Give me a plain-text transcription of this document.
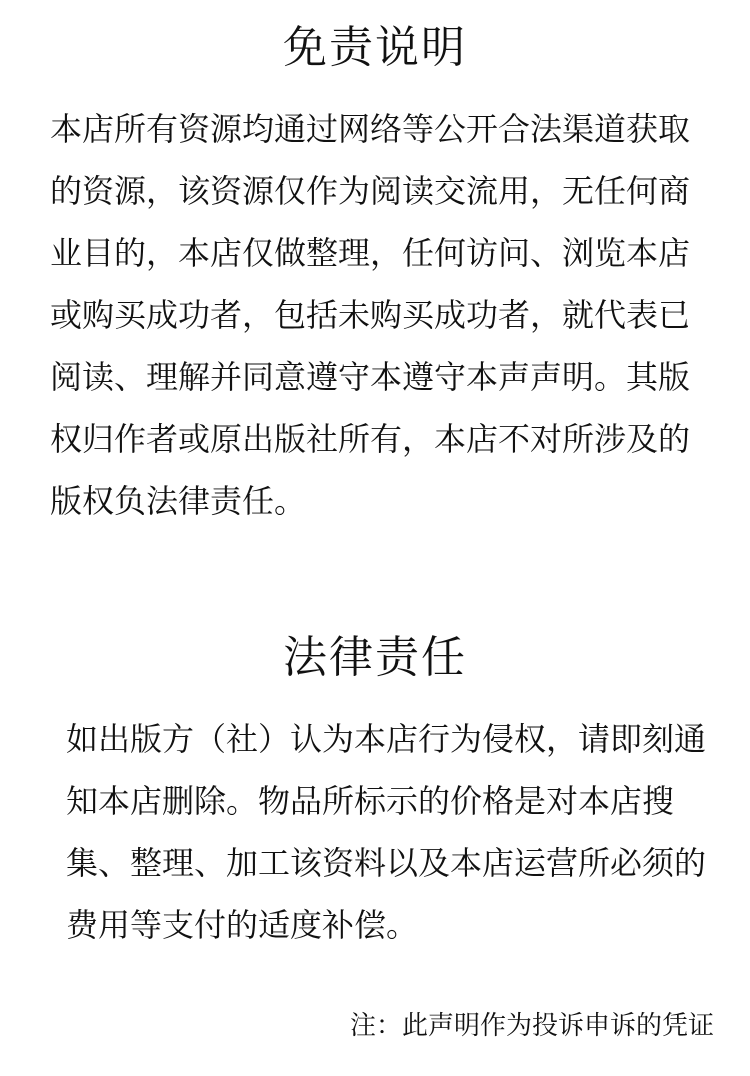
免责说明

本店所有资源均通过网络等公开合法渠道获取的资源，该资源仅作为阅读交流用，无任何商业目的，本店仅做整理，任何访问、浏览本店或购买成功者，包括未购买成功者，就代表已阅读、理解并同意遵守本遵守本声声明。其版权归作者或原出版社所有，本店不对所涉及的版权负法律责任。

法律责任

如出版方（社）认为本店行为侵权，请即刻通知本店删除。物品所标示的价格是对本店搜集、整理、加工该资料以及本店运营所必须的费用等支付的适度补偿。

注：此声明作为投诉申诉的凭证
